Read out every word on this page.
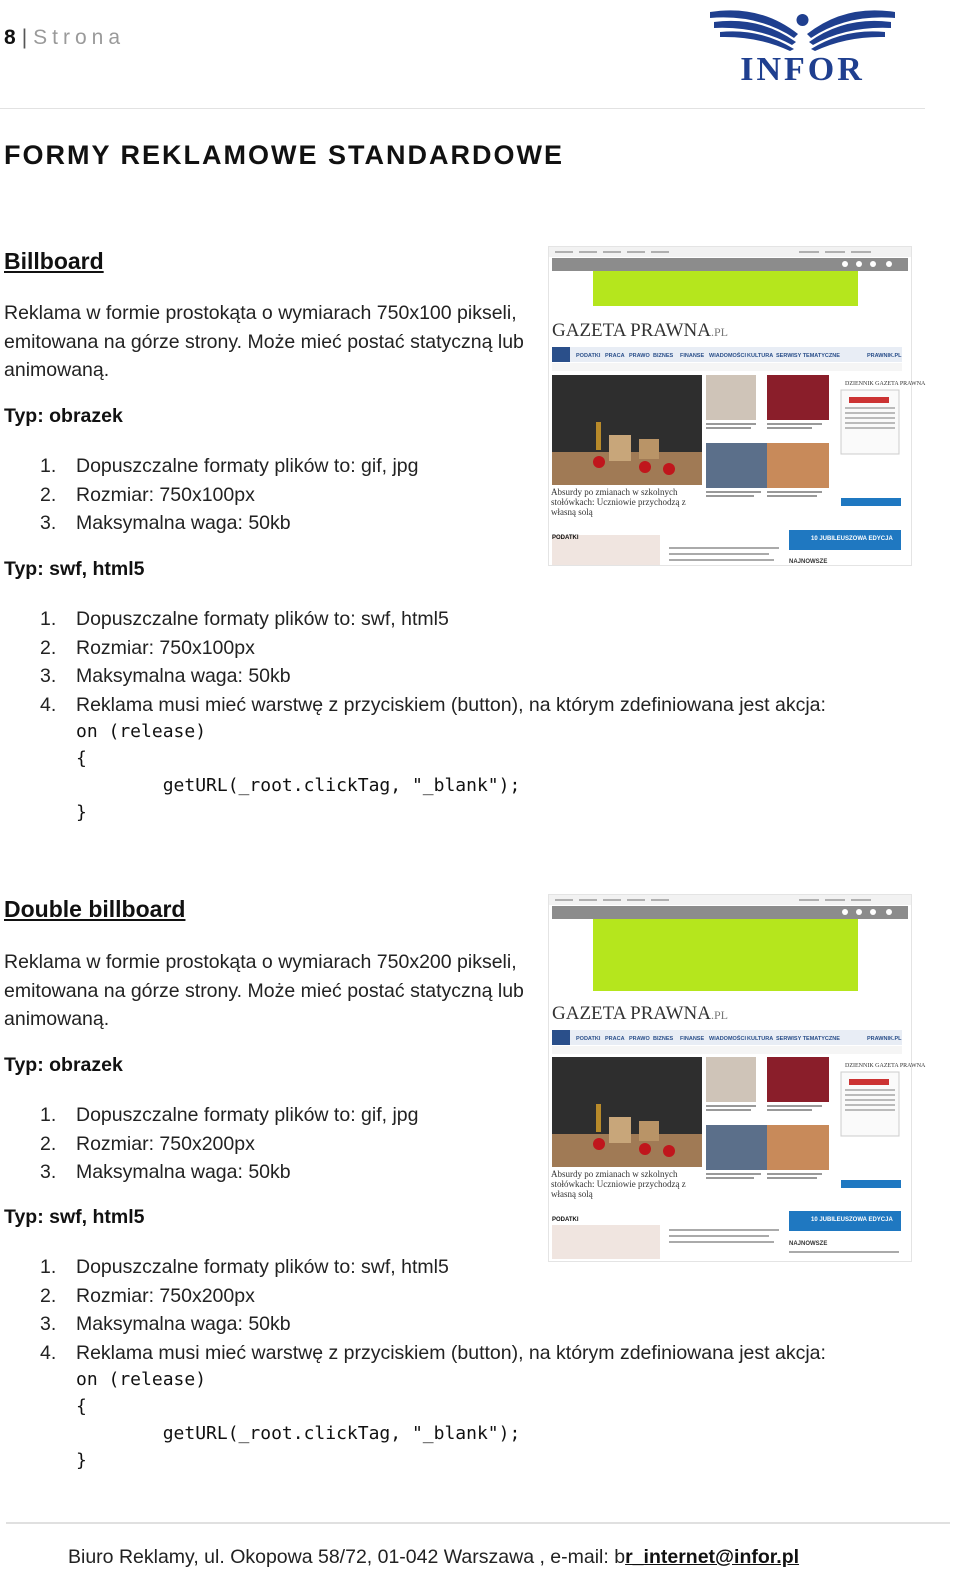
8 | Strona
INFOR
FORMY REKLAMOWE STANDARDOWE
Billboard
Reklama w formie prostokąta o wymiarach 750x100 pikseli, emitowana na górze strony. Może mieć postać statyczną lub animowaną.
Typ: obrazek
1. Dopuszczalne formaty plików to: gif, jpg
2. Rozmiar: 750x100px
3. Maksymalna waga: 50kb
Typ: swf, html5
1. Dopuszczalne formaty plików to: swf, html5
2. Rozmiar: 750x100px
3. Maksymalna waga: 50kb
4. Reklama musi mieć warstwę z przyciskiem (button), na którym zdefiniowana jest akcja:
on (release)
{
getURL(_root.clickTag, "_blank");
}
GAZETA PRAWNA .PL
PODATKI PRACA PRAWO BIZNES FINANSE WIADOMOŚCI KULTURA SERWISY TEMATYCZNE	PRAWNIK.PL
Absurdy po zmianach w szkolnych stołówkach: Uczniowie przychodzą z własną solą
DZIENNIK GAZETA PRAWNA
PODATKI	10 JUBILEUSZOWA EDYCJA
NAJNOWSZE
Double billboard
Reklama w formie prostokąta o wymiarach 750x200 pikseli, emitowana na górze strony. Może mieć postać statyczną lub animowaną.
Typ: obrazek
1. Dopuszczalne formaty plików to: gif, jpg
2. Rozmiar: 750x200px
3. Maksymalna waga: 50kb
Typ: swf, html5
1. Dopuszczalne formaty plików to: swf, html5
2. Rozmiar: 750x200px
3. Maksymalna waga: 50kb
4. Reklama musi mieć warstwę z przyciskiem (button), na którym zdefiniowana jest akcja:
on (release)
{
getURL(_root.clickTag, "_blank");
}
GAZETA PRAWNA .PL
PODATKI PRACA PRAWO BIZNES FINANSE WIADOMOŚCI KULTURA SERWISY TEMATYCZNE	PRAWNIK.PL
Absurdy po zmianach w szkolnych stołówkach: Uczniowie przychodzą z własną solą
DZIENNIK GAZETA PRAWNA
PODATKI	10 JUBILEUSZOWA EDYCJA
NAJNOWSZE
Biuro Reklamy, ul. Okopowa 58/72, 01-042 Warszawa , e-mail: br_internet@infor.pl
